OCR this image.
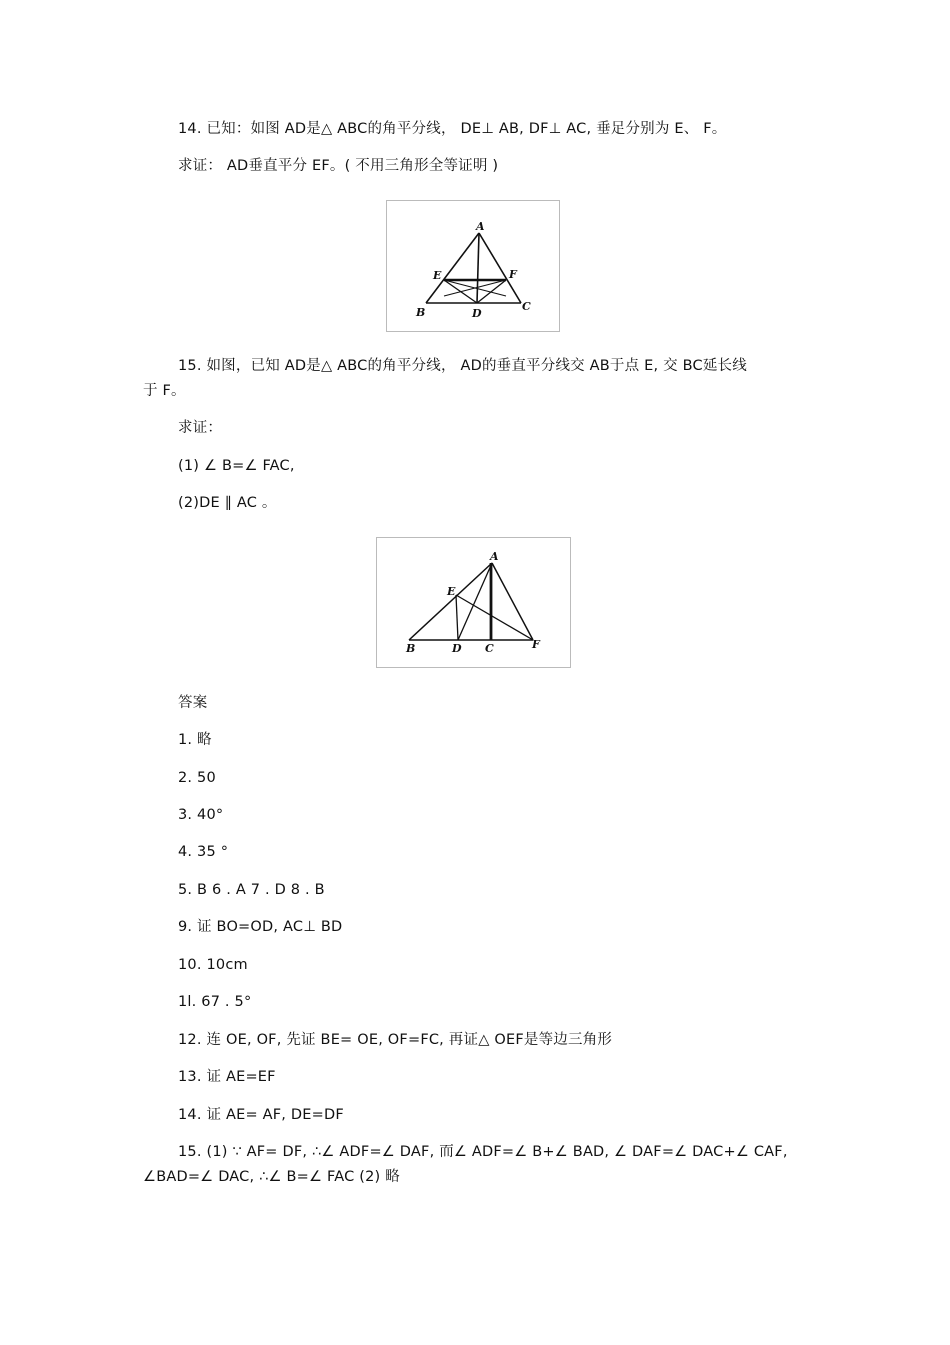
14. 已知：如图 AD是△ ABC的角平分线， DE⊥ AB, DF⊥ AC, 垂足分别为 E、 F。
求证： AD垂直平分 EF。( 不用三角形全等证明 )
A
E	F
B	D
C
15. 如图，已知 AD是△ ABC的角平分线， AD的垂直平分线交 AB于点 E, 交 BC延长线
于 F。
求证：
(1) ∠ B=∠ FAC,
(2)DE ∥ AC 。
A
E
B	D C	F
答案
1. 略
2. 50
3. 40°
4. 35 °
5. B 6 . A 7 . D 8 . B
9. 证 BO=OD, AC⊥ BD
10. 10cm
1l. 67 . 5°
12. 连 OE, OF, 先证 BE= OE, OF=FC, 再证△ OEF是等边三角形
13. 证 AE=EF
14. 证 AE= AF, DE=DF
15. (1) ∵ AF= DF, ∴∠ ADF=∠ DAF, 而∠ ADF=∠ B+∠ BAD, ∠ DAF=∠ DAC+∠ CAF,
∠BAD=∠ DAC, ∴∠ B=∠ FAC (2) 略
